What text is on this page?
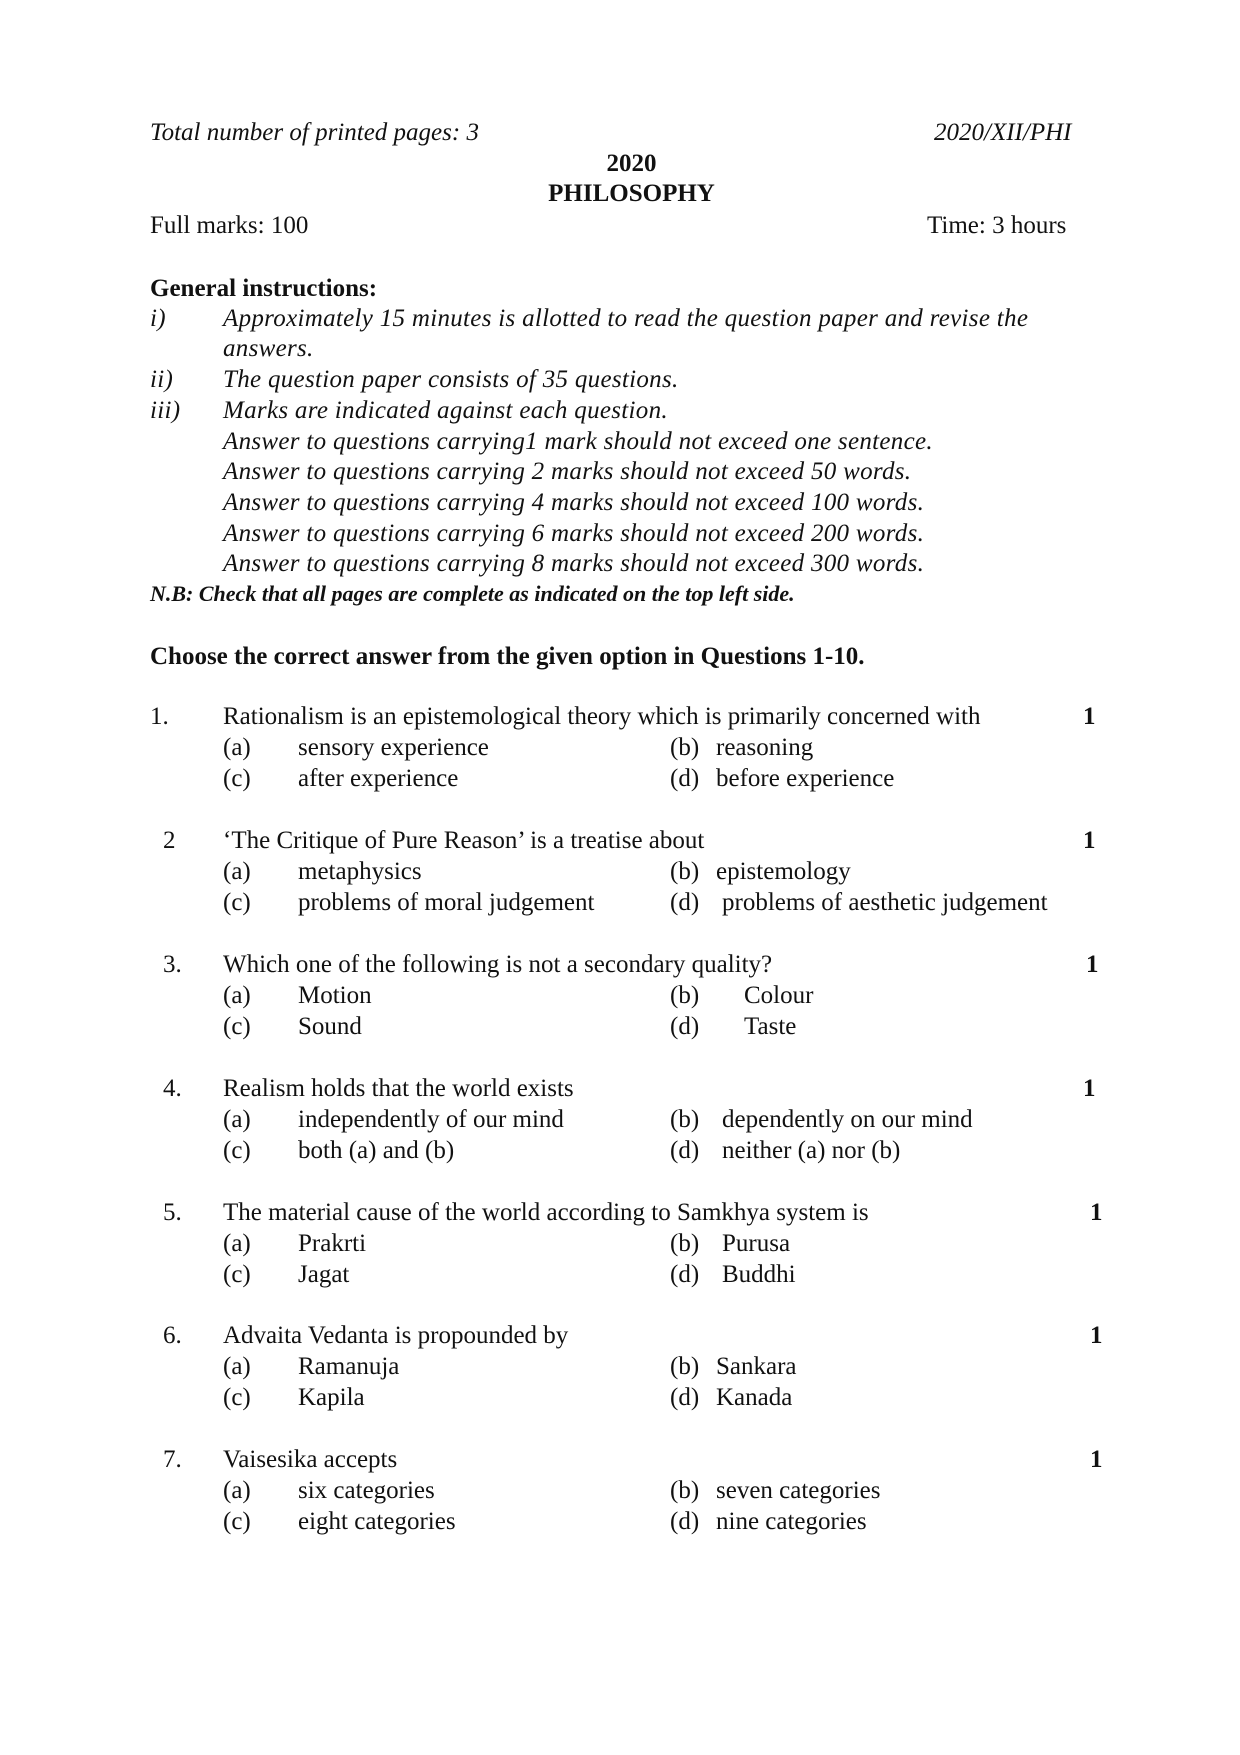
Total number of printed pages: 3	2020/XII/PHI
2020
PHILOSOPHY
Full marks: 100	Time: 3 hours
General instructions:
i) Approximately 15 minutes is allotted to read the question paper and revise the
answers.
ii) The question paper consists of 35 questions.
iii) Marks are indicated against each question.
Answer to questions carrying1 mark should not exceed one sentence.
Answer to questions carrying 2 marks should not exceed 50 words.
Answer to questions carrying 4 marks should not exceed 100 words.
Answer to questions carrying 6 marks should not exceed 200 words.
Answer to questions carrying 8 marks should not exceed 300 words.
N.B: Check that all pages are complete as indicated on the top left side.
Choose the correct answer from the given option in Questions 1-10.
1. Rationalism is an epistemological theory which is primarily concerned with	1
(a) sensory experience	(b) reasoning
(c) after experience	(d) before experience
2 ‘The Critique of Pure Reason’ is a treatise about	1
(a) metaphysics	(b) epistemology
(c) problems of moral judgement	(d) problems of aesthetic judgement
3. Which one of the following is not a secondary quality?	1
(a) Motion	(b) Colour
(c) Sound	(d) Taste
4. Realism holds that the world exists	1
(a) independently of our mind	(b) dependently on our mind
(c) both (a) and (b)	(d) neither (a) nor (b)
5. The material cause of the world according to Samkhya system is	1
(a) Prakrti	(b) Purusa
(c) Jagat	(d) Buddhi
6. Advaita Vedanta is propounded by	1
(a) Ramanuja	(b) Sankara
(c) Kapila	(d) Kanada
7. Vaisesika accepts	1
(a) six categories	(b) seven categories
(c) eight categories	(d) nine categories
